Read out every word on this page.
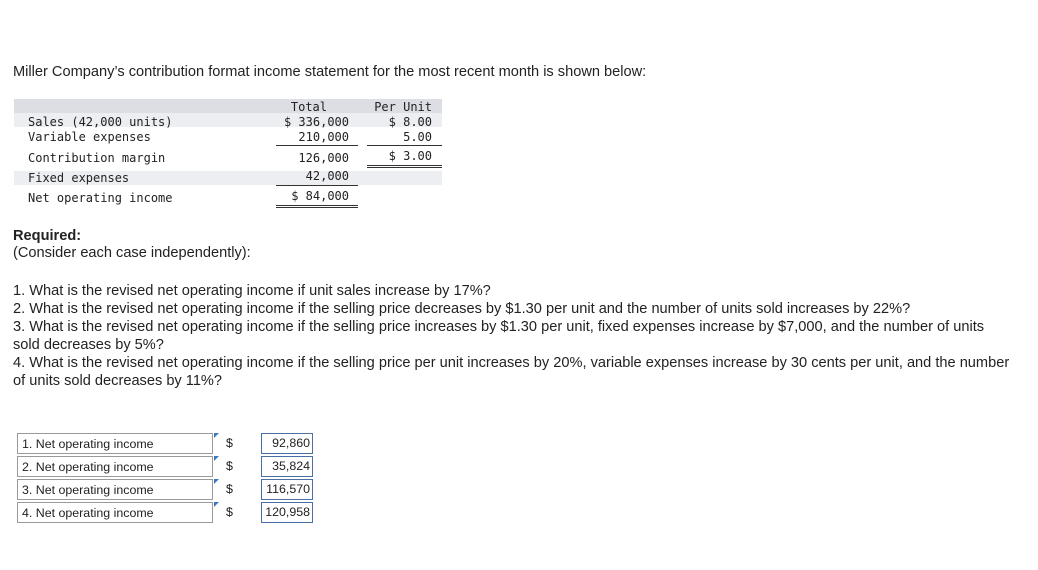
Miller Company’s contribution format income statement for the most recent month is shown below:
Total	Per Unit
Sales (42,000 units)	$ 336,000	$ 8.00
Variable expenses	210,000	5.00
Contribution margin	126,000	$ 3.00
Fixed expenses	42,000
Net operating income	$ 84,000
Required:
(Consider each case independently):

1. What is the revised net operating income if unit sales increase by 17%?

2. What is the revised net operating income if the selling price decreases by $1.30 per unit and the number of units sold increases by 22%?

3. What is the revised net operating income if the selling price increases by $1.30 per unit, fixed expenses increase by $7,000, and the number of units sold decreases by 5%?

4. What is the revised net operating income if the selling price per unit increases by 20%, variable expenses increase by 30 cents per unit, and the number of units sold decreases by 11%?

1. Net operating income	$	92,860
2. Net operating income	$	35,824
3. Net operating income	$	116,570
4. Net operating income	$	120,958
